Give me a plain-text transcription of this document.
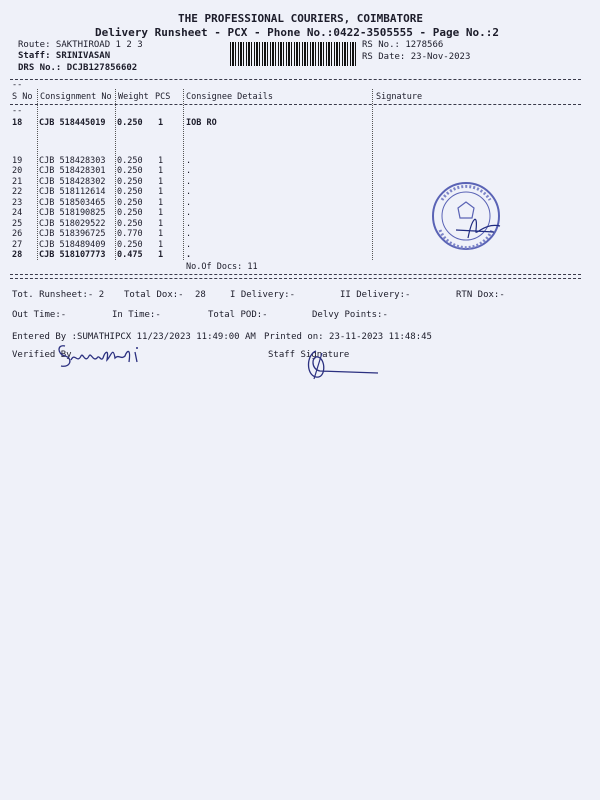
THE PROFESSIONAL COURIERS, COIMBATORE
Delivery Runsheet - PCX - Phone No.:0422-3505555 - Page No.:2
Route: SAKTHIROAD 1 2 3
Staff: SRINIVASAN
DRS No.: DCJB127856602
RS No.: 1278566
RS Date: 23-Nov-2023
--
S No Consignment No Weight PCS Consignee Details	Signature
--
18 CJB 518445019 0.250 1	IOB RO
19 CJB 518428303 0.250 1	.
20 CJB 518428301 0.250 1	.
21 CJB 518428302 0.250 1	.
22 CJB 518112614 0.250 1	.
23 CJB 518503465 0.250 1	.
24 CJB 518190825 0.250 1	.
25 CJB 518029522 0.250 1	.
26 CJB 518396725 0.770 1	.
27 CJB 518489409 0.250 1	.
28 CJB 518107773 0.475 1	.
No.Of Docs: 11
Tot. Runsheet:- 2 Total Dox:- 28	I Delivery:-	II Delivery:-	RTN Dox:-
Out Time:-	In Time:-	Total POD:-	Delvy Points:-
Entered By :SUMATHIPCX 11/23/2023 11:49:00 AM Printed on: 23-11-2023 11:48:45
Verified By	Staff Signature
